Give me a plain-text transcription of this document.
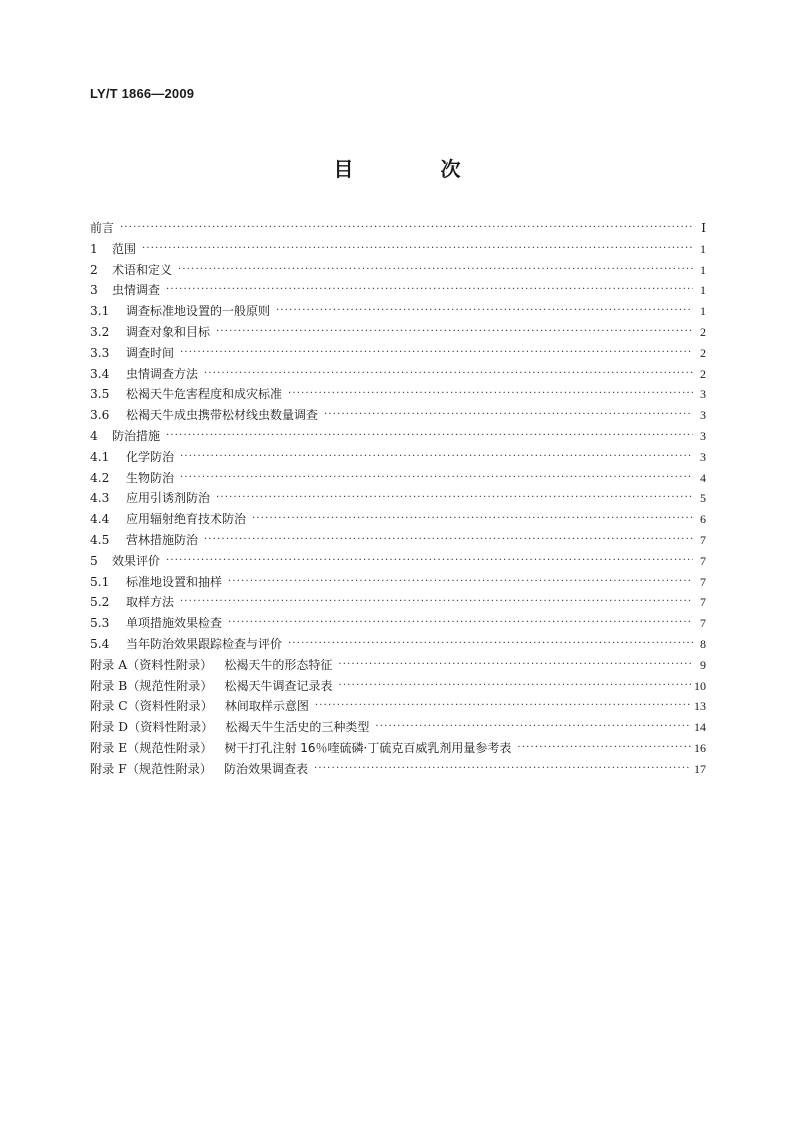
LY/T 1866—2009
目 次
前言 ·····	Ⅰ
1	范围 ·····	1
2	术语和定义 ·····	1
3	虫情调查 ·····	1
3.1	调查标准地设置的一般原则 ·····	1
3.2	调查对象和目标 ·····	2
3.3	调查时间 ·····	2
3.4	虫情调查方法 ·····	2
3.5	松褐天牛危害程度和成灾标准 ·····	3
3.6	松褐天牛成虫携带松材线虫数量调查 ·····	3
4	防治措施 ·····	3
4.1	化学防治 ·····	3
4.2	生物防治 ·····	4
4.3	应用引诱剂防治 ·····	5
4.4	应用辐射绝育技术防治 ·····	6
4.5	营林措施防治 ·····	7
5	效果评价 ·····	7
5.1	标准地设置和抽样 ·····	7
5.2	取样方法 ·····	7
5.3	单项措施效果检查 ·····	7
5.4	当年防治效果跟踪检查与评价 ·····	8
附录 A（资料性附录） 松褐天牛的形态特征 ·····	9
附录 B（规范性附录） 松褐天牛调查记录表 ·····	10
附录 C（资料性附录） 林间取样示意图 ·····	13
附录 D（资料性附录） 松褐天牛生活史的三种类型 ·····	14
附录 E（规范性附录） 树干打孔注射 16％喹硫磷·丁硫克百威乳剂用量参考表 ·····	16
附录 F（规范性附录） 防治效果调查表 ·····	17
